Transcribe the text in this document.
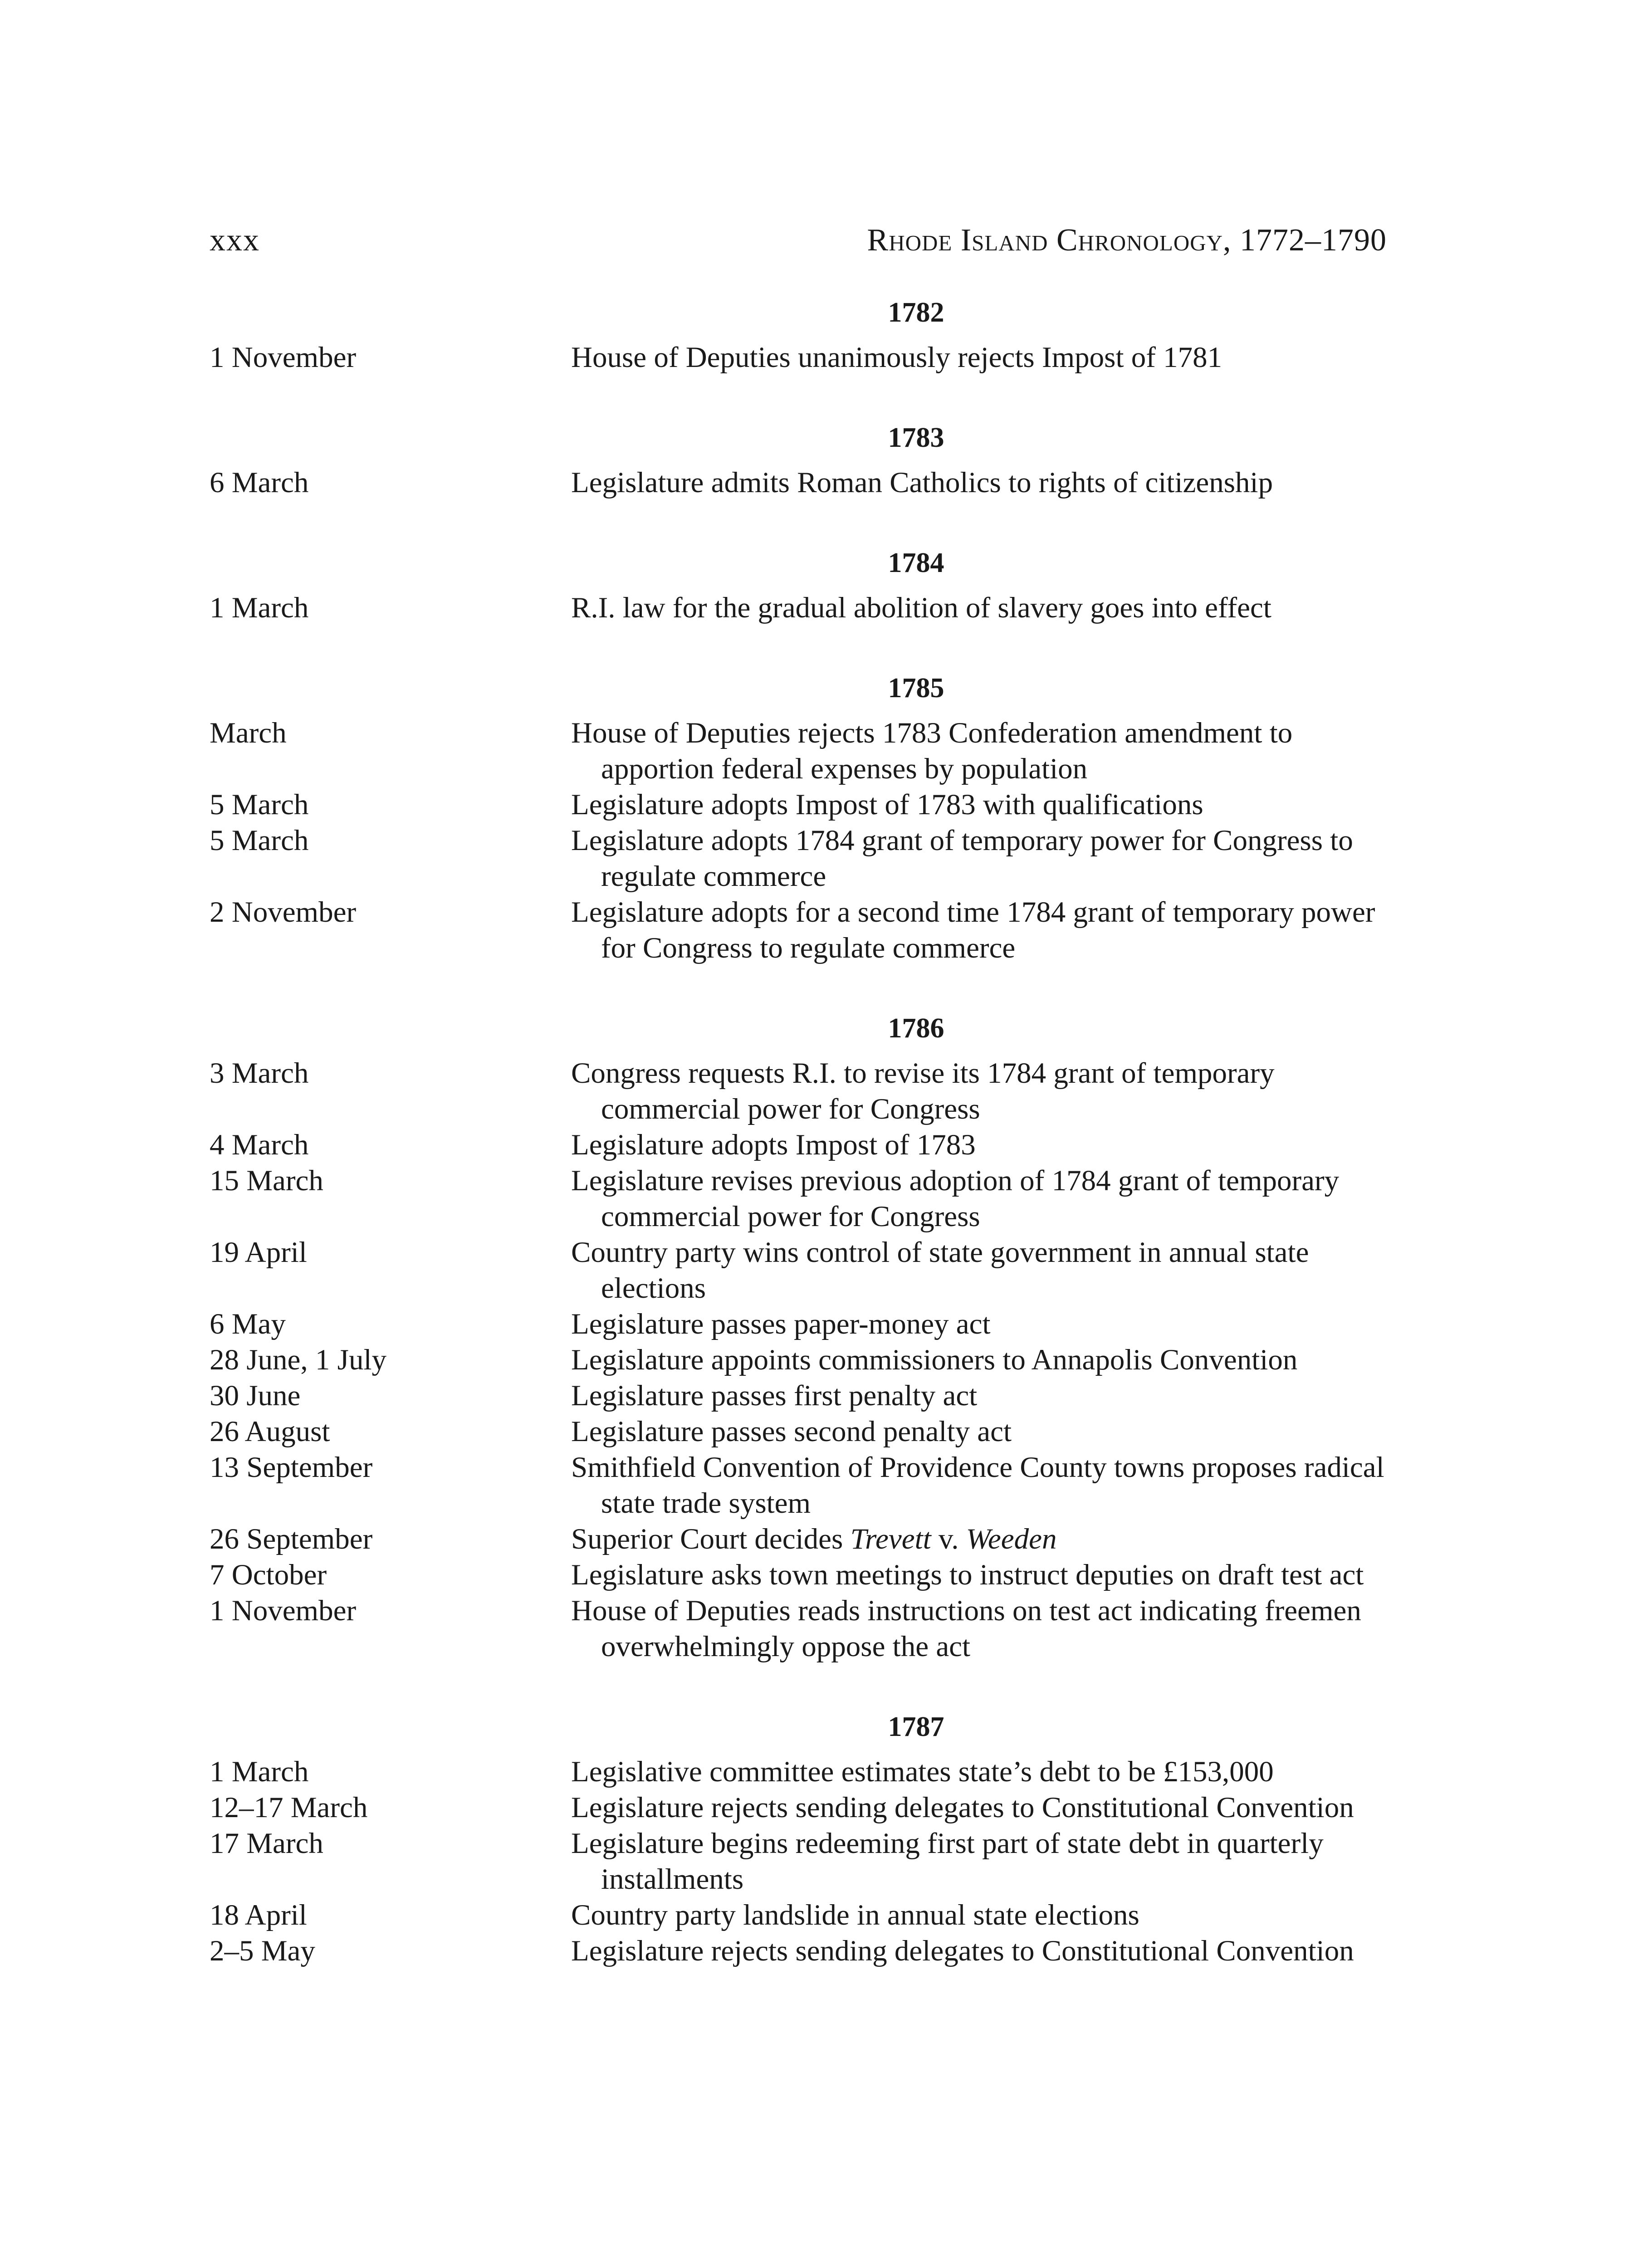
xxx	Rhode Island Chronology, 1772–1790
1782
1 November	House of Deputies unanimously rejects Impost of 1781
1783
6 March	Legislature admits Roman Catholics to rights of citizenship
1784
1 March	R.I. law for the gradual abolition of slavery goes into effect
1785
March	House of Deputies rejects 1783 Confederation amendment to apportion federal expenses by population
5 March	Legislature adopts Impost of 1783 with qualifications
5 March	Legislature adopts 1784 grant of temporary power for Congress to regulate commerce
2 November	Legislature adopts for a second time 1784 grant of temporary power for Congress to regulate commerce
1786
3 March	Congress requests R.I. to revise its 1784 grant of temporary commercial power for Congress
4 March	Legislature adopts Impost of 1783
15 March	Legislature revises previous adoption of 1784 grant of temporary commercial power for Congress
19 April	Country party wins control of state government in annual state elections
6 May	Legislature passes paper-money act
28 June, 1 July	Legislature appoints commissioners to Annapolis Convention
30 June	Legislature passes first penalty act
26 August	Legislature passes second penalty act
13 September	Smithfield Convention of Providence County towns proposes radical state trade system
26 September	Superior Court decides Trevett v. Weeden
7 October	Legislature asks town meetings to instruct deputies on draft test act
1 November	House of Deputies reads instructions on test act indicating freemen overwhelmingly oppose the act
1787
1 March	Legislative committee estimates state’s debt to be £153,000
12–17 March	Legislature rejects sending delegates to Constitutional Convention
17 March	Legislature begins redeeming first part of state debt in quarterly installments
18 April	Country party landslide in annual state elections
2–5 May	Legislature rejects sending delegates to Constitutional Convention
